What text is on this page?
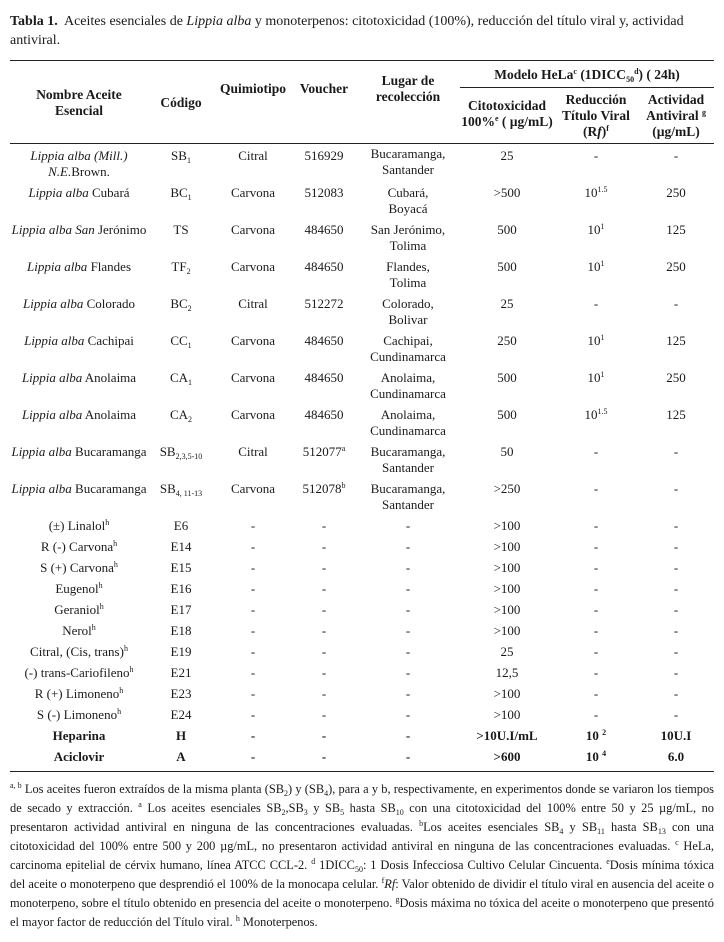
Tabla 1. Aceites esenciales de Lippia alba y monoterpenos: citotoxicidad (100%), reducción del título viral y, actividad antiviral.
Nombre Aceite Esencial	Código	Quimiotipo	Voucher	Lugar de recolección	Modelo HeLa$^c$ $(1DICC_{50}^d)$ ( 24h)		
					Citotoxicidad 100%$^e$ ( µg/mL)	Reducción Título Viral $(Rf)^f$	Actividad Antiviral $^g$
(µg/mL)
Lippia alba (Mill.) N.E.Brown.	$SB_1$	Citral	516929	Bucaramanga, Santander	25	-	-
Lippia alba Cubará	$BC_1$	Carvona	512083	Cubará, Boyacá	>500	$10^{1.5}$	250
Lippia alba San Jerónimo	TS	Carvona	484650	San Jerónimo, Tolima	500	$10^1$	125
Lippia alba Flandes	$TF_2$	Carvona	484650	Flandes, Tolima	500	$10^1$	250
Lippia alba Colorado	$BC_2$	Citral	512272	Colorado, Bolivar	25	-	-
Lippia alba Cachipai	$CC_1$	Carvona	484650	Cachipai, Cundinamarca	250	$10^1$	125
Lippia alba Anolaima	$CA_1$	Carvona	484650	Anolaima, Cundinamarca	500	$10^1$	250
Lippia alba Anolaima	$CA_2$	Carvona	484650	Anolaima, Cundinamarca	500	$10^{1.5}$	125
Lippia alba Bucaramanga	$SB_{2,3,5-10}$	Citral	512077$^a$	Bucaramanga, Santander	50	-	-
Lippia alba Bucaramanga	$SB_{4, 11-13}$	Carvona	512078$^b$	Bucaramanga, Santander	>250	-	-
(±) Linalol$^h$	E6	-	-	-	>100	-	-
R (-) Carvona$^h$	E14	-	-	-	>100	-	-
S (+) Carvona$^h$	E15	-	-	-	>100	-	-
Eugenol$^h$	E16	-	-	-	>100	-	-
Geraniol$^h$	E17	-	-	-	>100	-	-
Nerol$^h$	E18	-	-	-	>100	-	-
Citral, (Cis, trans)$^h$	E19	-	-	-	25	-	-
(-) trans-Cariofileno$^h$	E21	-	-	-	12,5	-	-
R (+) Limoneno$^h$	E23	-	-	-	>100	-	-
S (-) Limoneno$^h$	E24	-	-	-	>100	-	-
Heparina	H	-	-	-	>10U.I/mL	10 $^2$	10U.I
Aciclovir	A	-	-	-	>600	10 $^4$	6.0
$^{a, b}$ Los aceites fueron extraídos de la misma planta $(SB_2)$ y $(SB_4)$, para a y b, respectivamente, en experimentos donde se variaron los tiempos de secado y extracción. $^a$ Los aceites esenciales $SB_2,SB_3$ y $SB_5$ hasta $SB_{10}$ con una citotoxicidad del 100% entre 50 y 25 µg/mL, no presentaron actividad antiviral en ninguna de las concentraciones evaluadas. $^b$Los aceites esenciales $SB_4$ y $SB_{11}$ hasta $SB_{13}$ con una citotoxicidad del 100% entre 500 y 200 µg/mL, no presentaron actividad antiviral en ninguna de las concentraciones evaluadas. $^c$ HeLa, carcinoma epitelial de cérvix humano, línea ATCC CCL-2. $^d$ $1DICC_{50}$: 1 Dosis Infecciosa Cultivo Celular Cincuenta. $^e$Dosis mínima tóxica del aceite o monoterpeno que desprendió el 100% de la monocapa celular. $^f$Rf: Valor obtenido de dividir el título viral en ausencia del aceite o monoterpeno, sobre el título obtenido en presencia del aceite o monoterpeno. $^g$Dosis máxima no tóxica del aceite o monoterpeno que presentó el mayor factor de reducción del Título viral. $^h$ Monoterpenos.
